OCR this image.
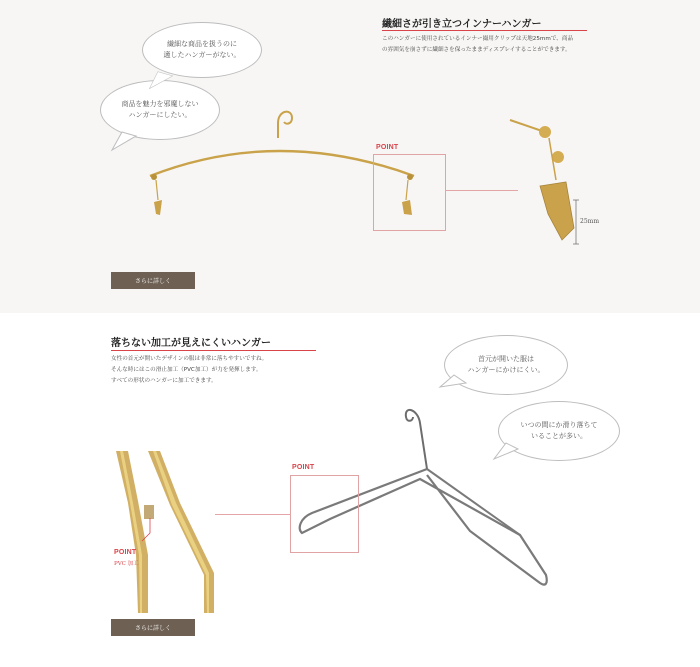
繊細さが引き立つインナーハンガー
このハンガーに使用されているインナー撮用クリップは天地25mmで、商品
の雰囲気を崩さずに繊細さを保ったままディスプレイすることができます。
繊細な商品を扱うのに
適したハンガーがない。
商品を魅力を邪魔しない
ハンガーにしたい。
POINT
25mm
さらに詳しく
落ちない加工が見えにくいハンガー
女性の首元が開いたデザインの服は非常に落ちやすいですね。
そんな時にはこの滑止加工（PVC加工）が力を発揮します。
すべての形状のハンガーに加工できます。
首元が開いた服は
ハンガーにかけにくい。
いつの間にか滑り落ちて
いることが多い。
POINT
POINT
PVC 加工
さらに詳しく
